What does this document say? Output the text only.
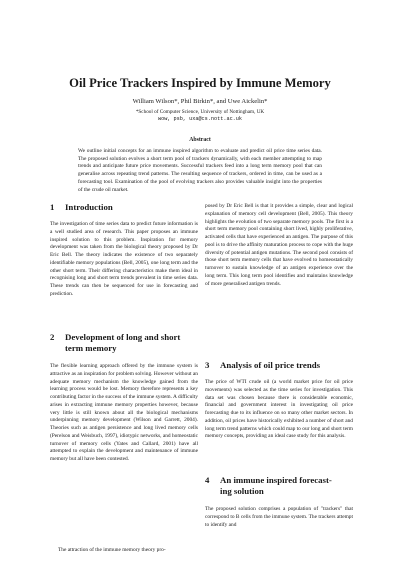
Oil Price Trackers Inspired by Immune Memory
William Wilson*, Phil Birkin*, and Uwe Aickelin*
*School of Computer Science, University of Nottingham, UK
wow, psb, uxa@cs.nott.ac.uk
Abstract
We outline initial concepts for an immune inspired algorithm to evaluate and predict oil price time series data. The proposed solution evolves a short term pool of trackers dynamically, with each member attempting to map trends and anticipate future price movements. Successful trackers feed into a long term memory pool that can generalise across repeating trend patterns. The resulting sequence of trackers, ordered in time, can be used as a forecasting tool. Examination of the pool of evolving trackers also provides valuable insight into the properties of the crude oil market.
1 Introduction

The investigation of time series data to predict future information is a well studied area of research. This paper proposes an immune inspired solution to this problem. Inspiration for memory development was taken from the biological theory proposed by Dr Eric Bell. The theory indicates the existence of two separately identifiable memory populations (Bell, 2005), one long term and the other short term. Their differing characteristics make them ideal in recognising long and short term trends prevalent in time series data. These trends can then be sequenced for use in forecasting and prediction.

2 Development of long and short
term memory

The flexible learning approach offered by the immune system is attractive as an inspiration for problem solving. However without an adequate memory mechanism the knowledge gained from the learning process would be lost. Memory therefore represents a key contributing factor in the success of the immune system. A difficulty arises in extracting immune memory properties however, because very little is still known about all the biological mechanisms underpinning memory development (Wilson and Garrett, 2004). Theories such as antigen persistence and long lived memory cells (Perelson and Weisbuch, 1997), idiotypic networks, and homeostatic turnover of memory cells (Yates and Callard, 2001) have all attempted to explain the development and maintenance of immune memory but all have been contested.

The attraction of the immune memory theory pro-

posed by Dr Eric Bell is that it provides a simple, clear and logical explanation of memory cell development (Bell, 2005). This theory highlights the evolution of two separate memory pools. The first is a short term memory pool containing short lived, highly proliferative, activated cells that have experienced an antigen. The purpose of this pool is to drive the affinity maturation process to cope with the huge diversity of potential antigen mutations. The second pool consists of those short term memory cells that have evolved to homeostatically turnover to sustain knowledge of an antigen experience over the long term. This long term pool identifies and maintains knowledge of more generalised antigen trends.

3 Analysis of oil price trends

The price of WTI crude oil (a world market price for oil price movements) was selected as the time series for investigation. This data set was chosen because there is considerable economic, financial and government interest in investigating oil price forecasting due to its influence on so many other market sectors. In addition, oil prices have historically exhibited a number of short and long term trend patterns which could map to our long and short term memory concepts, providing an ideal case study for this analysis.

4 An immune inspired forecast-
ing solution

The proposed solution comprises a population of "trackers" that correspond to B cells from the immune system. The trackers attempt to identify and
